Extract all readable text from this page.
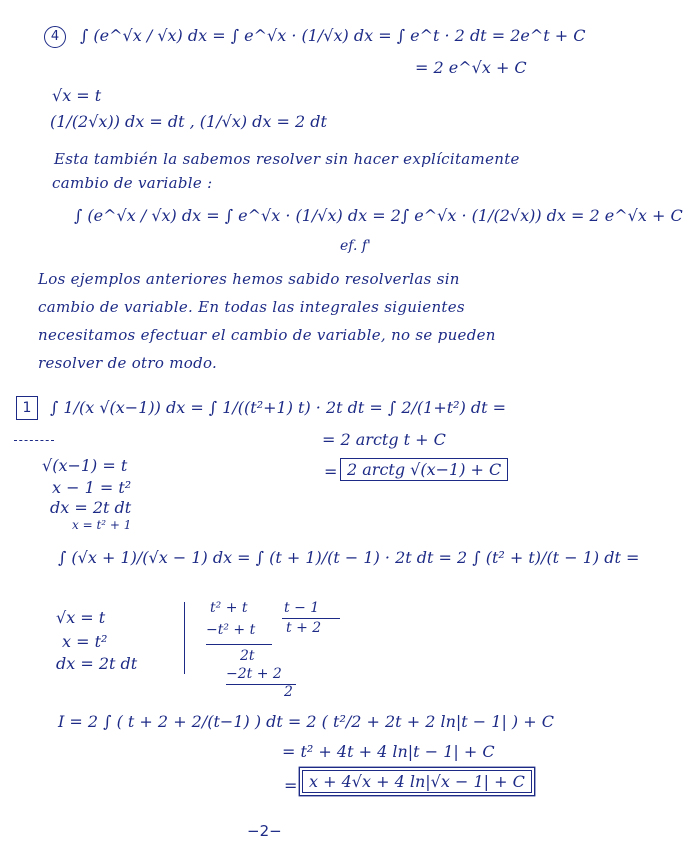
4	∫ (e^√x / √x) dx = ∫ e^√x · (1/√x) dx = ∫ e^t · 2 dt = 2e^t + C
= 2 e^√x + C
√x = t
(1/(2√x)) dx = dt , (1/√x) dx = 2 dt
Esta también la sabemos resolver sin hacer explícitamente
cambio de variable :
∫ (e^√x / √x) dx = ∫ e^√x · (1/√x) dx = 2∫ e^√x · (1/(2√x)) dx = 2 e^√x + C
ef. f'
Los ejemplos anteriores hemos sabido resolverlas sin
cambio de variable. En todas las integrales siguientes
necesitamos efectuar el cambio de variable, no se pueden
resolver de otro modo.
1	∫ 1/(x √(x−1)) dx = ∫ 1/((t²+1) t) · 2t dt = ∫ 2/(1+t²) dt =
= 2 arctg t + C
= 2 arctg √(x−1) + C
√(x−1) = t
x − 1 = t²
dx = 2t dt
x = t² + 1
∫ (√x + 1)/(√x − 1) dx = ∫ (t + 1)/(t − 1) · 2t dt = 2 ∫ (t² + t)/(t − 1) dt =
√x = t
x = t²
dx = 2t dt
t² + t	t − 1
−t² + t t + 2
2t
−2t + 2
2
I = 2 ∫ ( t + 2 + 2/(t−1) ) dt = 2 ( t²/2 + 2t + 2 ln|t − 1| ) + C
= t² + 4t + 4 ln|t − 1| + C
= x + 4√x + 4 ln|√x − 1| + C
−2−
